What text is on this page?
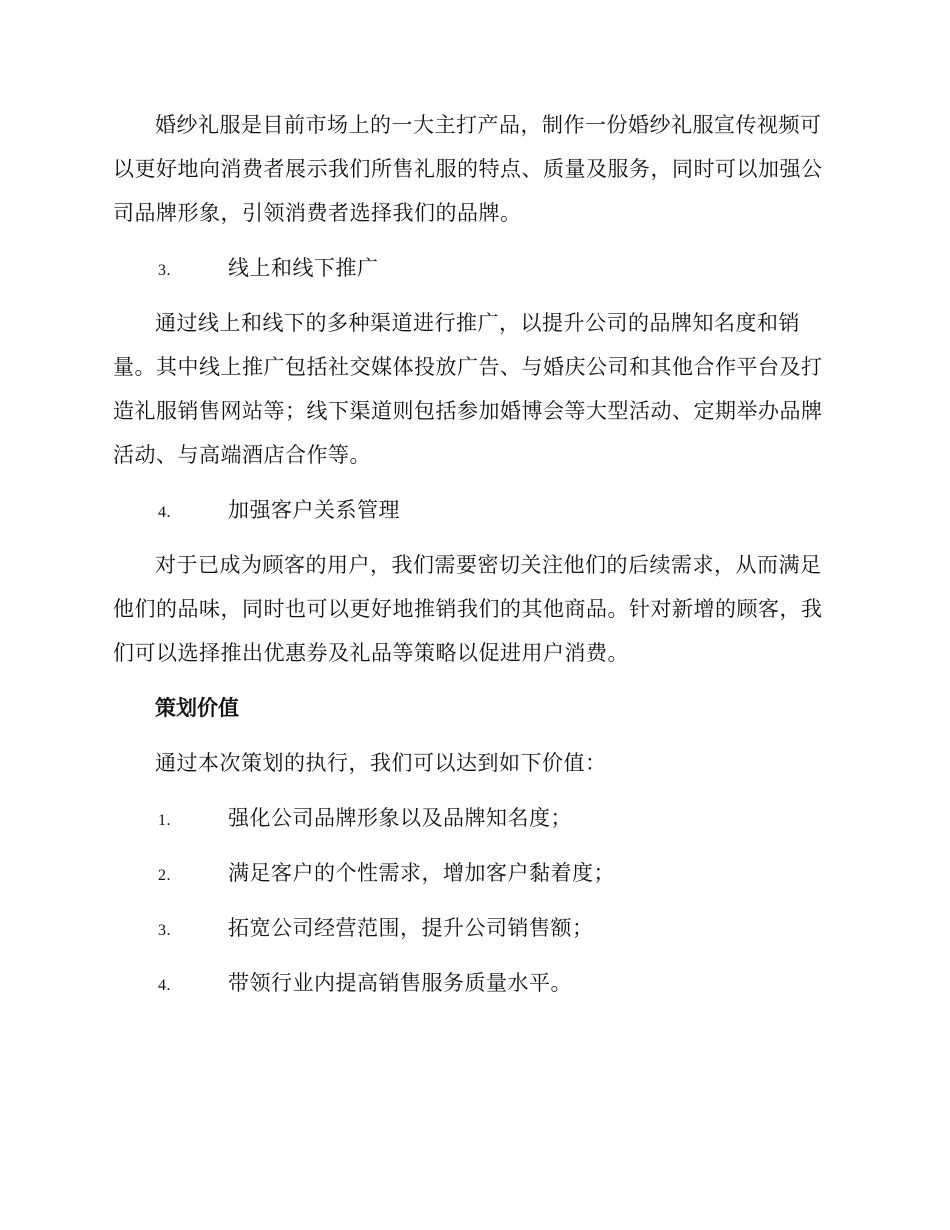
婚纱礼服是目前市场上的一大主打产品，制作一份婚纱礼服宣传视频可以更好地向消费者展示我们所售礼服的特点、质量及服务，同时可以加强公司品牌形象，引领消费者选择我们的品牌。

3.	线上和线下推广

通过线上和线下的多种渠道进行推广，以提升公司的品牌知名度和销量。其中线上推广包括社交媒体投放广告、与婚庆公司和其他合作平台及打造礼服销售网站等；线下渠道则包括参加婚博会等大型活动、定期举办品牌活动、与高端酒店合作等。

4.	加强客户关系管理

对于已成为顾客的用户，我们需要密切关注他们的后续需求，从而满足他们的品味，同时也可以更好地推销我们的其他商品。针对新增的顾客，我们可以选择推出优惠券及礼品等策略以促进用户消费。

策划价值

通过本次策划的执行，我们可以达到如下价值：

1.	强化公司品牌形象以及品牌知名度；
2.	满足客户的个性需求，增加客户黏着度；
3.	拓宽公司经营范围，提升公司销售额；
4.	带领行业内提高销售服务质量水平。
